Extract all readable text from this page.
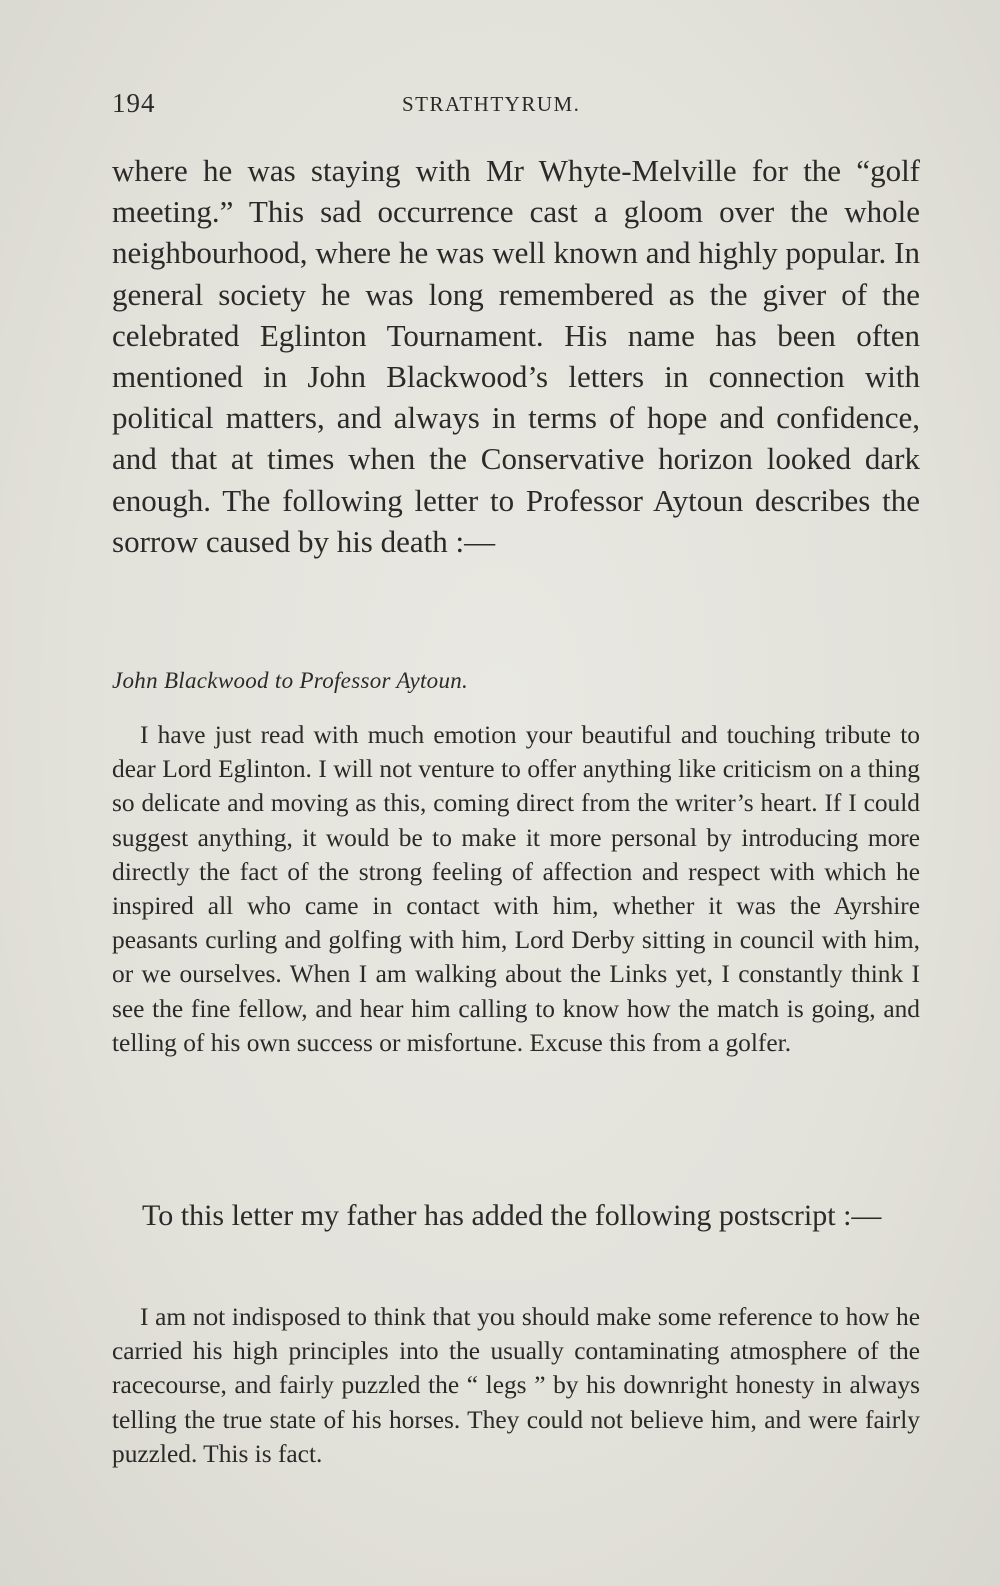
194	STRATHTYRUM.

where he was staying with Mr Whyte-Melville for the “golf meeting.” This sad occurrence cast a gloom over the whole neighbourhood, where he was well known and highly popular. In general society he was long remembered as the giver of the celebrated Eglinton Tournament. His name has been often mentioned in John Blackwood’s letters in connection with political matters, and always in terms of hope and confidence, and that at times when the Conservative horizon looked dark enough. The following letter to Professor Aytoun describes the sorrow caused by his death :—

John Blackwood to Professor Aytoun.

I have just read with much emotion your beautiful and touching tribute to dear Lord Eglinton. I will not venture to offer anything like criticism on a thing so delicate and moving as this, coming direct from the writer’s heart. If I could suggest anything, it would be to make it more personal by introducing more directly the fact of the strong feeling of affection and respect with which he inspired all who came in contact with him, whether it was the Ayrshire peasants curling and golfing with him, Lord Derby sitting in council with him, or we ourselves. When I am walking about the Links yet, I constantly think I see the fine fellow, and hear him calling to know how the match is going, and telling of his own success or misfortune. Excuse this from a golfer.

To this letter my father has added the following postscript :—

I am not indisposed to think that you should make some reference to how he carried his high principles into the usually contaminating atmosphere of the racecourse, and fairly puzzled the “ legs ” by his downright honesty in always telling the true state of his horses. They could not believe him, and were fairly puzzled. This is fact.
